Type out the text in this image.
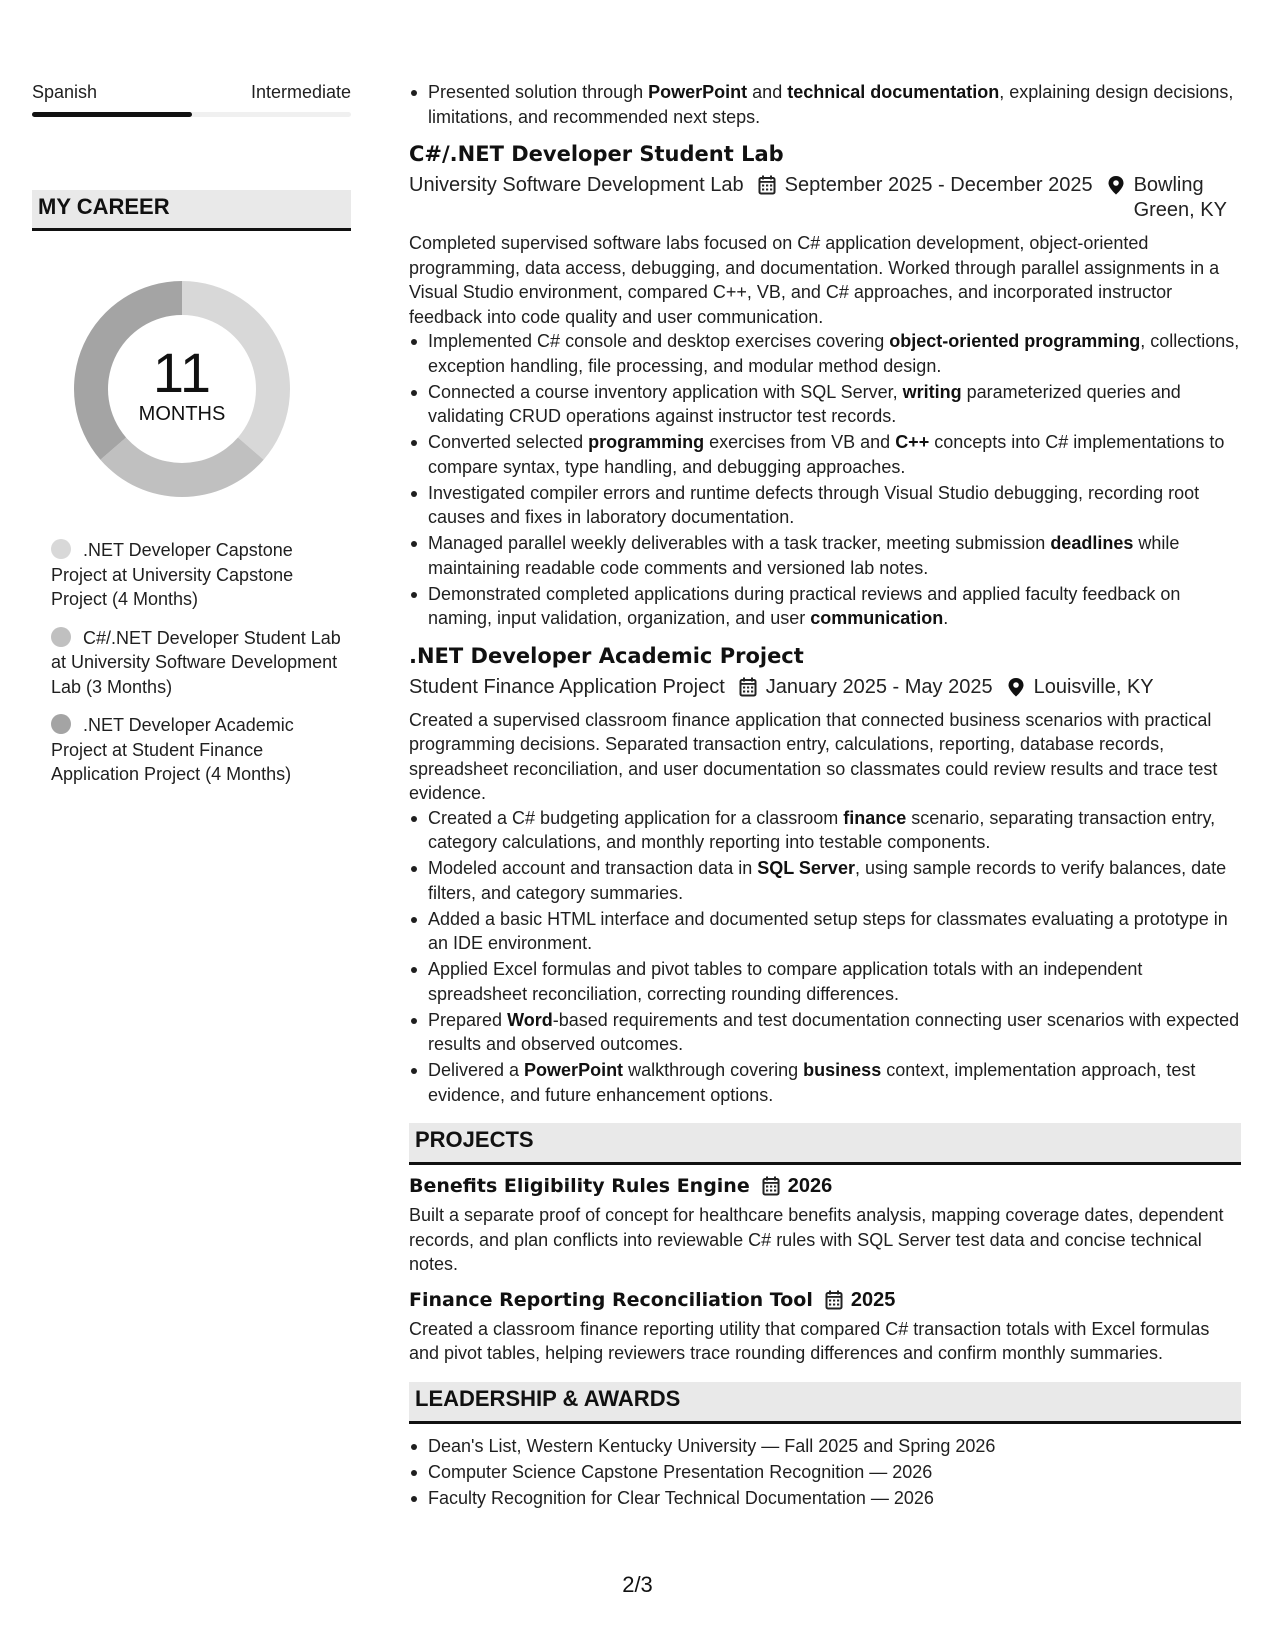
Spanish	Intermediate
MY CAREER
11
MONTHS
.NET Developer Capstone Project at University Capstone Project (4 Months)
C#/.NET Developer Student Lab at University Software Development Lab (3 Months)
.NET Developer Academic Project at Student Finance Application Project (4 Months)
Presented solution through PowerPoint and technical documentation, explaining design decisions, limitations, and recommended next steps.
C#/.NET Developer Student Lab
University Software Development Lab September 2025 - December 2025 Bowling Green, KY
Completed supervised software labs focused on C# application development, object-oriented programming, data access, debugging, and documentation. Worked through parallel assignments in a Visual Studio environment, compared C++, VB, and C# approaches, and incorporated instructor feedback into code quality and user communication.
Implemented C# console and desktop exercises covering object-oriented programming, collections, exception handling, file processing, and modular method design.
Connected a course inventory application with SQL Server, writing parameterized queries and validating CRUD operations against instructor test records.
Converted selected programming exercises from VB and C++ concepts into C# implementations to compare syntax, type handling, and debugging approaches.
Investigated compiler errors and runtime defects through Visual Studio debugging, recording root causes and fixes in laboratory documentation.
Managed parallel weekly deliverables with a task tracker, meeting submission deadlines while maintaining readable code comments and versioned lab notes.
Demonstrated completed applications during practical reviews and applied faculty feedback on naming, input validation, organization, and user communication.
.NET Developer Academic Project
Student Finance Application Project January 2025 - May 2025 Louisville, KY
Created a supervised classroom finance application that connected business scenarios with practical programming decisions. Separated transaction entry, calculations, reporting, database records, spreadsheet reconciliation, and user documentation so classmates could review results and trace test evidence.
Created a C# budgeting application for a classroom finance scenario, separating transaction entry, category calculations, and monthly reporting into testable components.
Modeled account and transaction data in SQL Server, using sample records to verify balances, date filters, and category summaries.
Added a basic HTML interface and documented setup steps for classmates evaluating a prototype in an IDE environment.
Applied Excel formulas and pivot tables to compare application totals with an independent spreadsheet reconciliation, correcting rounding differences.
Prepared Word-based requirements and test documentation connecting user scenarios with expected results and observed outcomes.
Delivered a PowerPoint walkthrough covering business context, implementation approach, test evidence, and future enhancement options.
PROJECTS
Benefits Eligibility Rules Engine 2026
Built a separate proof of concept for healthcare benefits analysis, mapping coverage dates, dependent records, and plan conflicts into reviewable C# rules with SQL Server test data and concise technical notes.
Finance Reporting Reconciliation Tool 2025
Created a classroom finance reporting utility that compared C# transaction totals with Excel formulas and pivot tables, helping reviewers trace rounding differences and confirm monthly summaries.
LEADERSHIP & AWARDS
Dean's List, Western Kentucky University — Fall 2025 and Spring 2026
Computer Science Capstone Presentation Recognition — 2026
Faculty Recognition for Clear Technical Documentation — 2026
2/3
